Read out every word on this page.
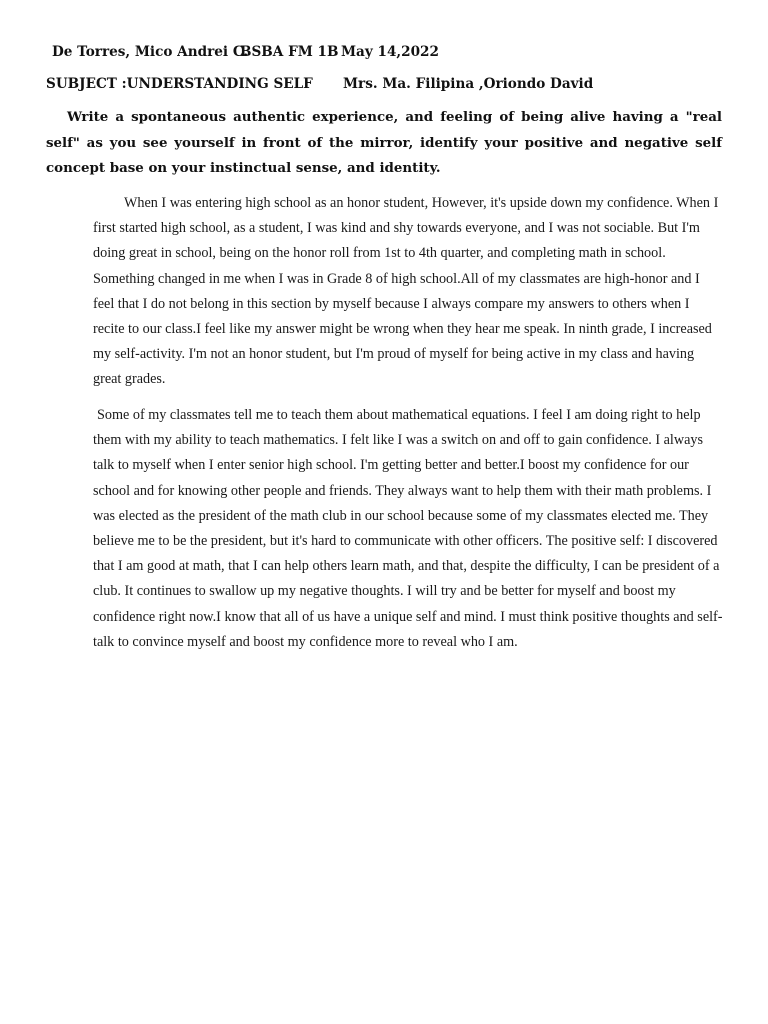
De Torres, Mico Andrei C.
BSBA FM 1B May 14,2022
SUBJECT :UNDERSTANDING SELF Mrs. Ma. Filipina ,Oriondo David

Write a spontaneous authentic experience, and feeling of being alive having a "real self" as you see yourself in front of the mirror, identify your positive and negative self concept base on your instinctual sense, and identity.

When I was entering high school as an honor student, However, it's upside down my confidence. When I first started high school, as a student, I was kind and shy towards everyone, and I was not sociable. But I'm doing great in school, being on the honor roll from 1st to 4th quarter, and completing math in school. Something changed in me when I was in Grade 8 of high school.All of my classmates are high-honor and I feel that I do not belong in this section by myself because I always compare my answers to others when I recite to our class.I feel like my answer might be wrong when they hear me speak. In ninth grade, I increased my self-activity. I'm not an honor student, but I'm proud of myself for being active in my class and having great grades.

Some of my classmates tell me to teach them about mathematical equations. I feel I am doing right to help them with my ability to teach mathematics. I felt like I was a switch on and off to gain confidence. I always talk to myself when I enter senior high school. I'm getting better and better.I boost my confidence for our school and for knowing other people and friends. They always want to help them with their math problems. I was elected as the president of the math club in our school because some of my classmates elected me. They believe me to be the president, but it's hard to communicate with other officers. The positive self: I discovered that I am good at math, that I can help others learn math, and that, despite the difficulty, I can be president of a club. It continues to swallow up my negative thoughts. I will try and be better for myself and boost my confidence right now.I know that all of us have a unique self and mind. I must think positive thoughts and self-talk to convince myself and boost my confidence more to reveal who I am.
